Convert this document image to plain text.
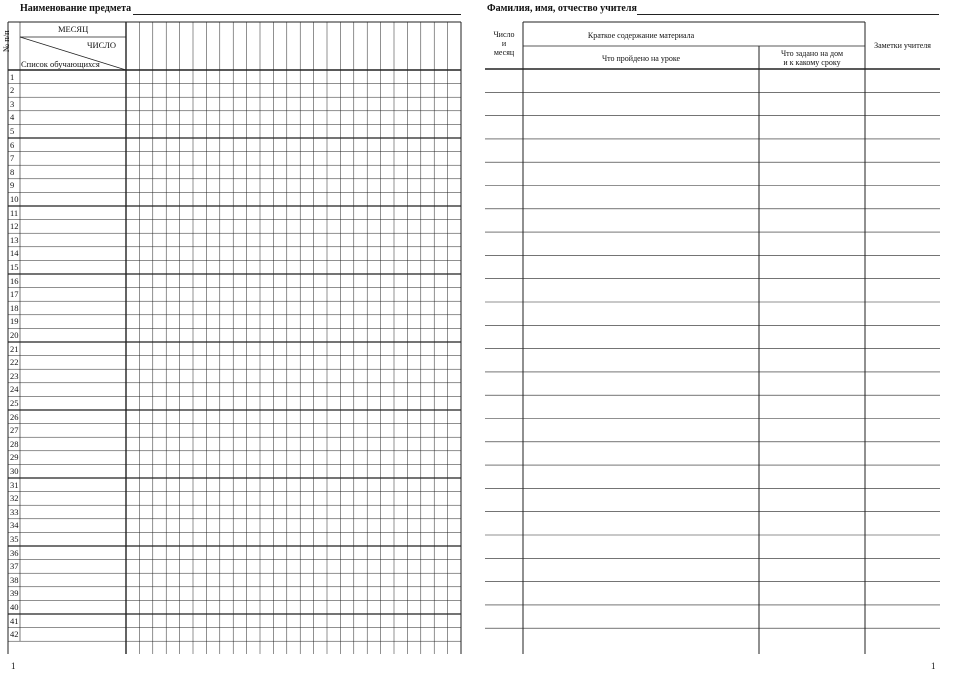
Наименование предмета
№ п/п
МЕСЯЦ
ЧИСЛО
Список обучающихся
1
2
3
4
5
6
7
8
9
10
11
12
13
14
15
16
17
18
19
20
21
22
23
24
25
26
27
28
29
30
31
32
33
34
35
36
37
38
39
40
41
42
1
Фамилия, имя, отчество учителя
Число
и
месяц
Краткое содержание материала
Что пройдено на уроке
Что задано на дом
и к какому сроку
Заметки учителя
1
